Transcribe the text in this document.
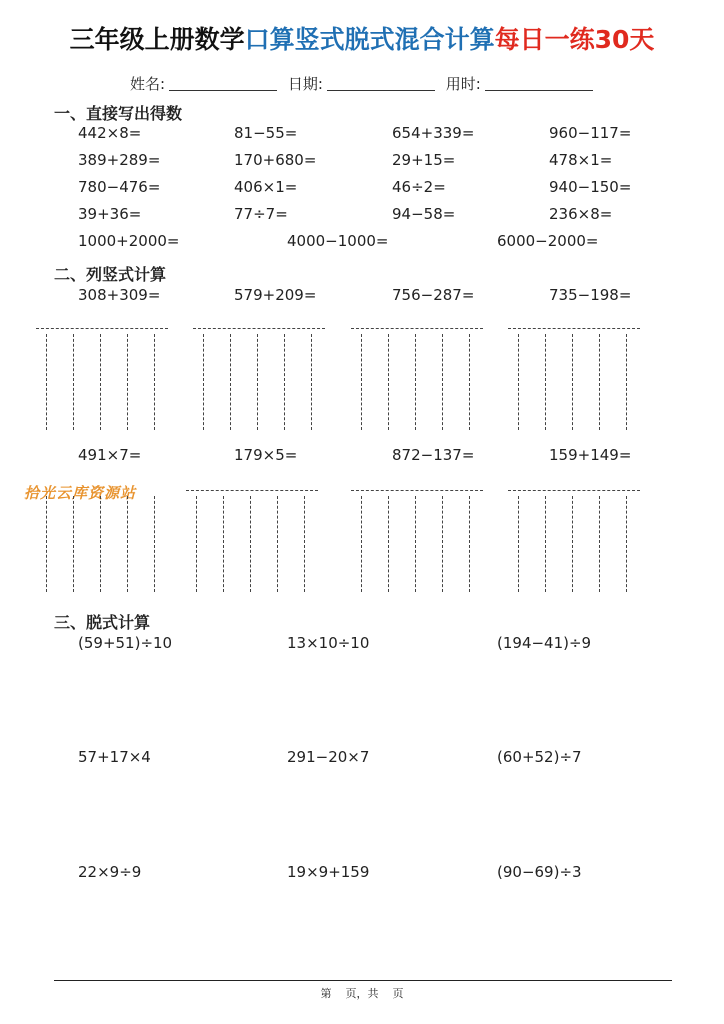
三年级上册数学口算竖式脱式混合计算每日一练30天
姓名:	日期:	用时:
一、直接写出得数
442×8=	81−55=	654+339=	960−117=
389+289=	170+680=	29+15=	478×1=
780−476=	406×1=	46÷2=	940−150=
39+36=	77÷7=	94−58=	236×8=
1000+2000=	4000−1000=	6000−2000=
二、列竖式计算
308+309=	579+209=	756−287=	735−198=
491×7=	179×5=	872−137=	159+149=
拾光云库资源站
三、脱式计算
(59+51)÷10	13×10÷10	(194−41)÷9
57+17×4	291−20×7	(60+52)÷7
22×9÷9	19×9+159	(90−69)÷3
第    页，共    页
